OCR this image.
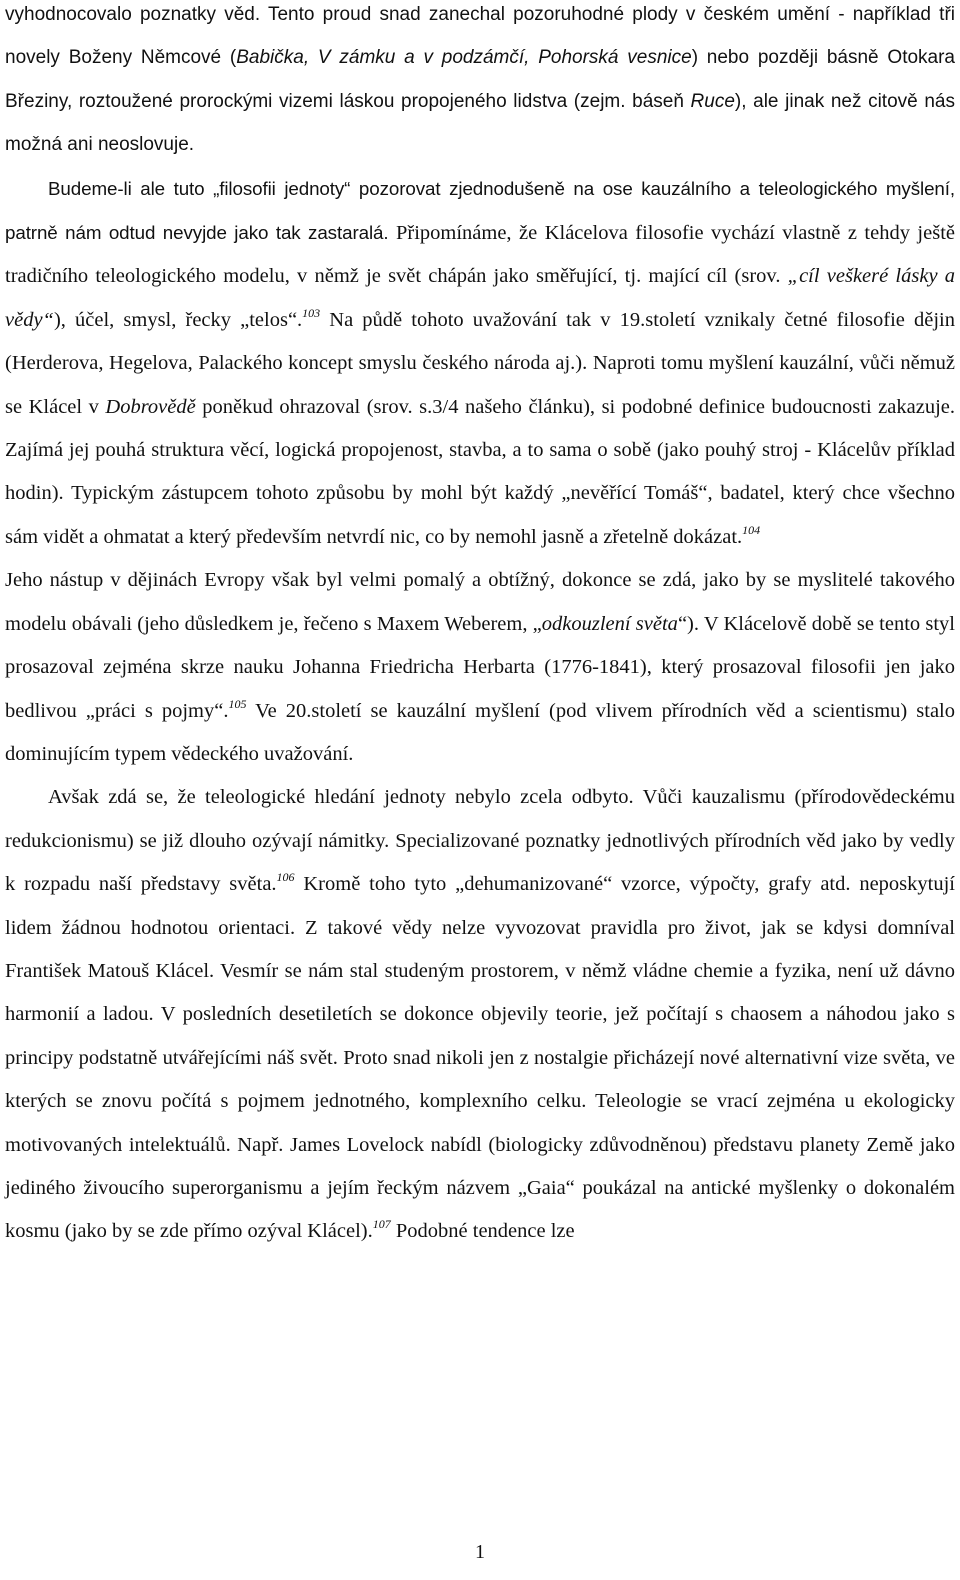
vyhodnocovalo poznatky věd. Tento proud snad zanechal pozoruhodné plody v českém umění - například tři novely Boženy Němcové (Babička, V zámku a v podzámčí, Pohorská vesnice) nebo později básně Otokara Březiny, roztoužené prorockými vizemi láskou propojeného lidstva (zejm. báseň Ruce), ale jinak než citově nás možná ani neoslovuje.

Budeme-li ale tuto „filosofii jednoty“ pozorovat zjednodušeně na ose kauzálního a teleologického myšlení, patrně nám odtud nevyjde jako tak zastaralá. Připomínáme, že Klácelova filosofie vychází vlastně z tehdy ještě tradičního teleologického modelu, v němž je svět chápán jako směřující, tj. mající cíl (srov. „cíl veškeré lásky a vědy“), účel, smysl, řecky „telos“.$^{103}$ Na půdě tohoto uvažování tak v 19.století vznikaly četné filosofie dějin (Herderova, Hegelova, Palackého koncept smyslu českého národa aj.). Naproti tomu myšlení kauzální, vůči němuž se Klácel v Dobrovědě poněkud ohrazoval (srov. s.3/4 našeho článku), si podobné definice budoucnosti zakazuje. Zajímá jej pouhá struktura věcí, logická propojenost, stavba, a to sama o sobě (jako pouhý stroj - Klácelův příklad hodin). Typickým zástupcem tohoto způsobu by mohl být každý „nevěřící Tomáš“, badatel, který chce všechno sám vidět a ohmatat a který především netvrdí nic, co by nemohl jasně a zřetelně dokázat.$^{104}$
Jeho nástup v dějinách Evropy však byl velmi pomalý a obtížný, dokonce se zdá, jako by se myslitelé takového modelu obávali (jeho důsledkem je, řečeno s Maxem Weberem, „odkouzlení světa“). V Klácelově době se tento styl prosazoval zejména skrze nauku Johanna Friedricha Herbarta (1776-1841), který prosazoval filosofii jen jako bedlivou „práci s pojmy“.$^{105}$ Ve 20.století se kauzální myšlení (pod vlivem přírodních věd a scientismu) stalo dominujícím typem vědeckého uvažování.

Avšak zdá se, že teleologické hledání jednoty nebylo zcela odbyto. Vůči kauzalismu (přírodovědeckému redukcionismu) se již dlouho ozývají námitky. Specializované poznatky jednotlivých přírodních věd jako by vedly k rozpadu naší představy světa.$^{106}$ Kromě toho tyto „dehumanizované“ vzorce, výpočty, grafy atd. neposkytují lidem žádnou hodnotou orientaci. Z takové vědy nelze vyvozovat pravidla pro život, jak se kdysi domníval František Matouš Klácel. Vesmír se nám stal studeným prostorem, v němž vládne chemie a fyzika, není už dávno harmonií a ladou. V posledních desetiletích se dokonce objevily teorie, jež počítají s chaosem a náhodou jako s principy podstatně utvářejícími náš svět. Proto snad nikoli jen z nostalgie přicházejí nové alternativní vize světa, ve kterých se znovu počítá s pojmem jednotného, komplexního celku. Teleologie se vrací zejména u ekologicky motivovaných intelektuálů. Např. James Lovelock nabídl (biologicky zdůvodněnou) představu planety Země jako jediného živoucího superorganismu a jejím řeckým názvem „Gaia“ poukázal na antické myšlenky o dokonalém kosmu (jako by se zde přímo ozýval Klácel).$^{107}$ Podobné tendence lze

1
